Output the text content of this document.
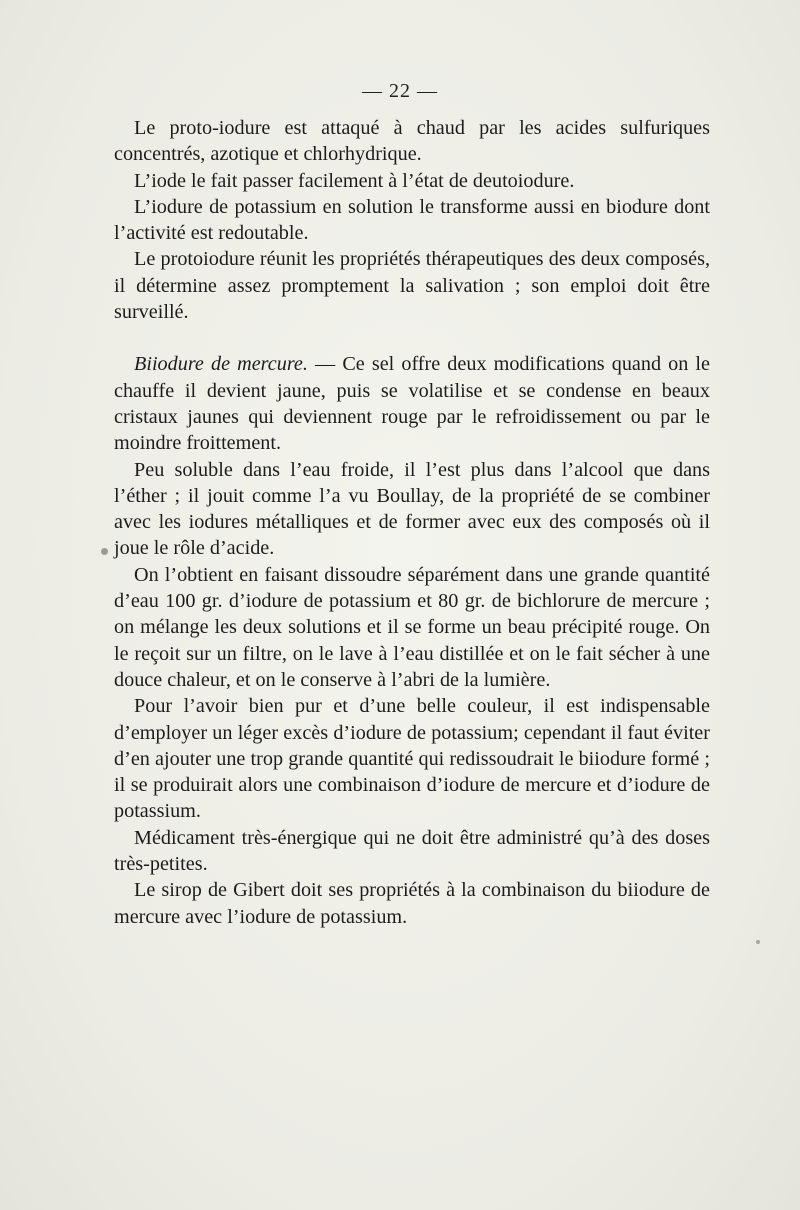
— 22 —

Le proto-iodure est attaqué à chaud par les acides sulfuriques concentrés, azotique et chlorhydrique.

L’iode le fait passer facilement à l’état de deutoiodure.

L’iodure de potassium en solution le transforme aussi en biodure dont l’activité est redoutable.

Le protoiodure réunit les propriétés thérapeutiques des deux composés, il détermine assez promptement la salivation ; son emploi doit être surveillé.

Biiodure de mercure. — Ce sel offre deux modifications quand on le chauffe il devient jaune, puis se volatilise et se condense en beaux cristaux jaunes qui deviennent rouge par le refroidissement ou par le moindre froittement.

Peu soluble dans l’eau froide, il l’est plus dans l’alcool que dans l’éther ; il jouit comme l’a vu Boullay, de la propriété de se combiner avec les iodures métalliques et de former avec eux des composés où il joue le rôle d’acide.

On l’obtient en faisant dissoudre séparément dans une grande quantité d’eau 100 gr. d’iodure de potassium et 80 gr. de bichlorure de mercure ; on mélange les deux solutions et il se forme un beau précipité rouge. On le reçoit sur un filtre, on le lave à l’eau distillée et on le fait sécher à une douce chaleur, et on le conserve à l’abri de la lumière.

Pour l’avoir bien pur et d’une belle couleur, il est indispensable d’employer un léger excès d’iodure de potassium; cependant il faut éviter d’en ajouter une trop grande quantité qui redissoudrait le biiodure formé ; il se produirait alors une combinaison d’iodure de mercure et d’iodure de potassium.

Médicament très-énergique qui ne doit être administré qu’à des doses très-petites.

Le sirop de Gibert doit ses propriétés à la combinaison du biiodure de mercure avec l’iodure de potassium.
